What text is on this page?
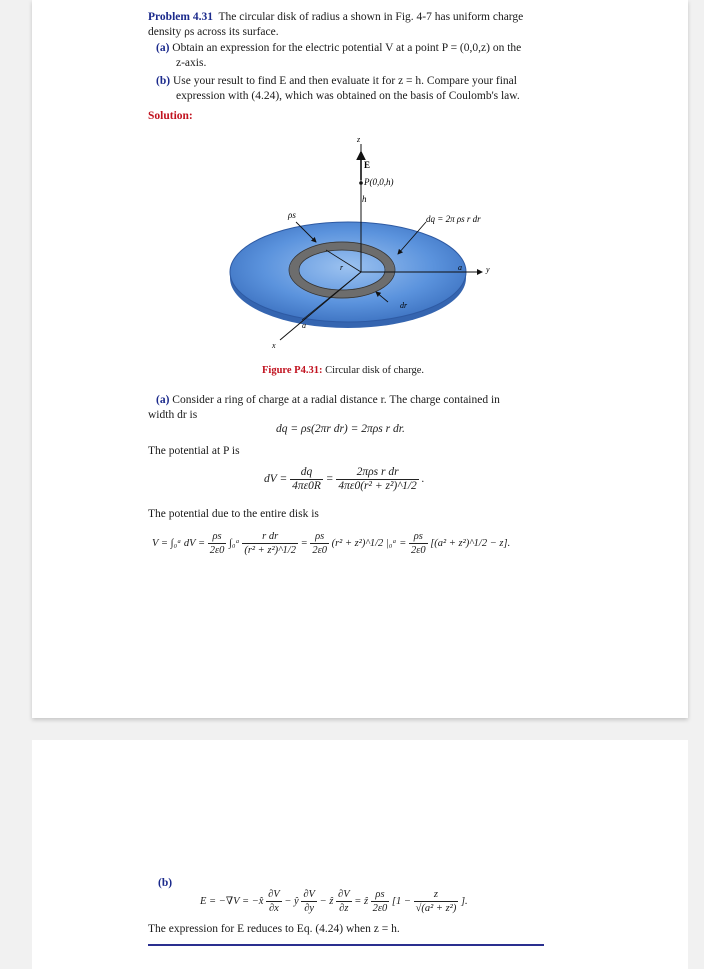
Problem 4.31 The circular disk of radius a shown in Fig. 4-7 has uniform charge
density ρs across its surface.
(a) Obtain an expression for the electric potential V at a point P = (0,0,z) on the
z-axis.
(b) Use your result to find E and then evaluate it for z = h. Compare your final
expression with (4.24), which was obtained on the basis of Coulomb's law.
Solution:
z
E
P(0,0,h)
h
ρs	dq = 2π ρs r dr
r	a	y
dr
a
x
Figure P4.31: Circular disk of charge.
(a) Consider a ring of charge at a radial distance r. The charge contained in
width dr is
dq = ρs(2πr dr) = 2πρs r dr.
The potential at P is
dV = $\frac{dq}{4\pi\varepsilon 0R} = \frac{\text{2πρs r dr}}{\text{4πε0(r² + z²)\textasciicircum{}1/2}}$ .
The potential due to the entire disk is
V = ∫₀ᵃ dV = $\frac{\rho s}{2\varepsilon 0}$ ∫₀ᵃ $\frac{\text{r dr}}{\text{(r² + z²)\textasciicircum{}1/2}} = \frac{\rho s}{2\varepsilon 0} (r^2$ + z²)^1/2 |₀ᵃ = $\frac{\rho s}{2\varepsilon 0} [(a^2$ + z²)^1/2 − z].
(b)
E = −∇V = −x̂ $\frac{\partial V}{\partial x}$ − ŷ $\frac{\partial V}{\partial y}$ − ẑ $\frac{\partial V}{\partial z}$ = ẑ $\frac{\rho s}{2\varepsilon 0} [1 - \frac{z}{\text{√(a² + z²)}}$ ].
The expression for E reduces to Eq. (4.24) when z = h.
